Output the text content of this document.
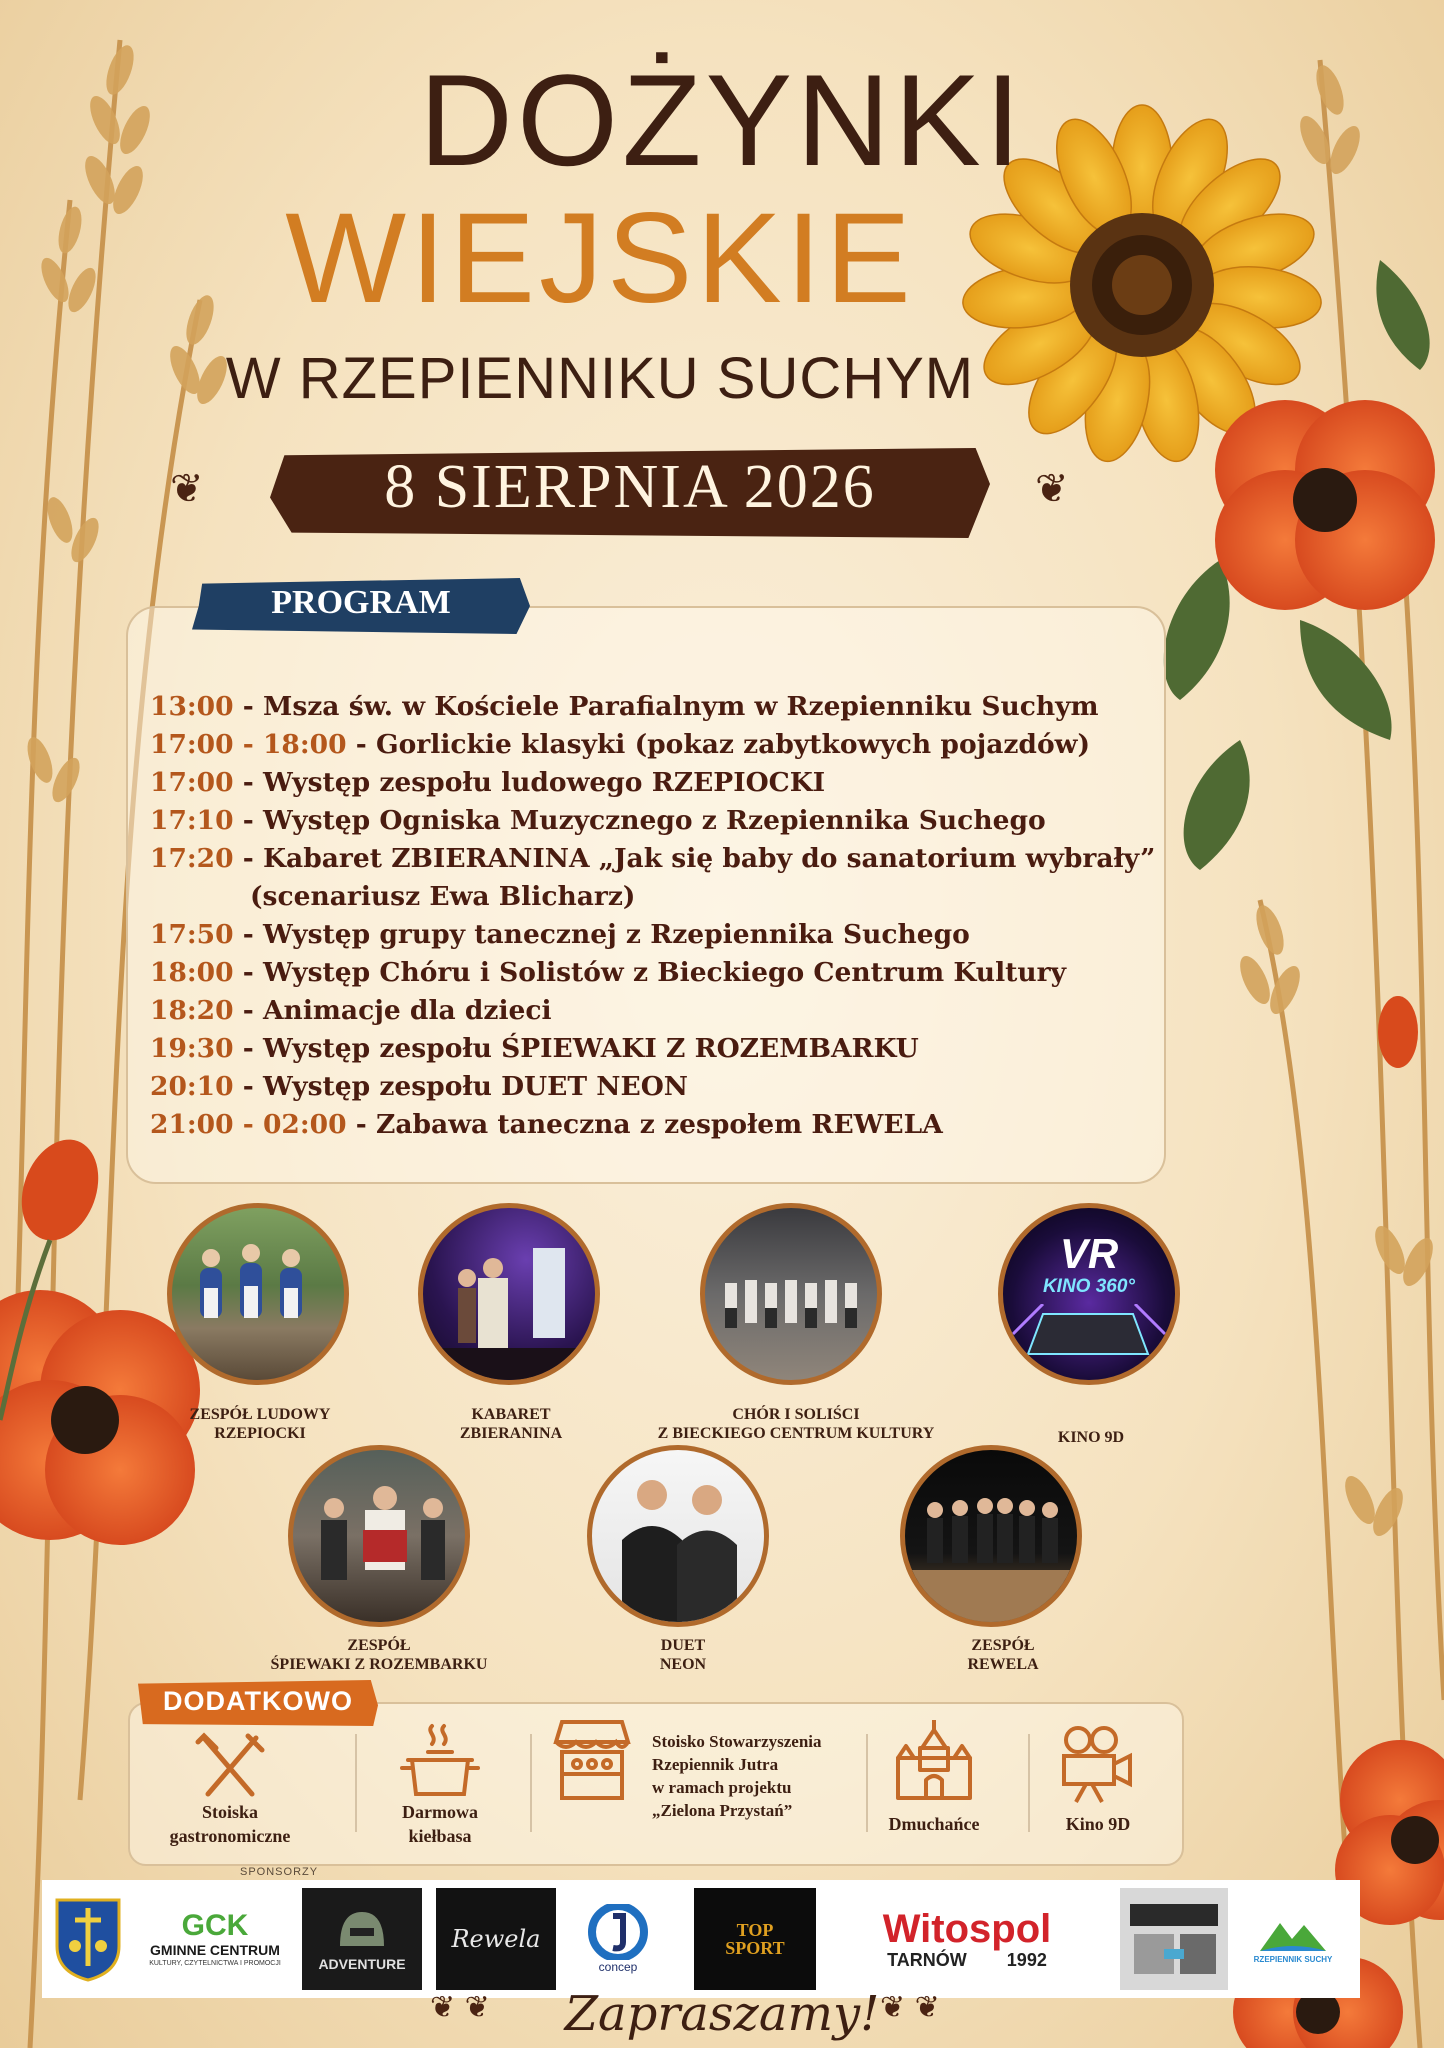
DOŻYNKI
WIEJSKIE
W RZEPIENNIKU SUCHYM
❦	8 SIERPNIA 2026	❦
PROGRAM
13:00 - Msza św. w Kościele Parafialnym w Rzepienniku Suchym
17:00 - 18:00 - Gorlickie klasyki (pokaz zabytkowych pojazdów)
17:00 - Występ zespołu ludowego RZEPIOCKI
17:10 - Występ Ogniska Muzycznego z Rzepiennika Suchego
17:20 - Kabaret ZBIERANINA „Jak się baby do sanatorium wybrały”
(scenariusz Ewa Blicharz)
17:50 - Występ grupy tanecznej z Rzepiennika Suchego
18:00 - Występ Chóru i Solistów z Bieckiego Centrum Kultury
18:20 - Animacje dla dzieci
19:30 - Występ zespołu ŚPIEWAKI Z ROZEMBARKU
20:10 - Występ zespołu DUET NEON
21:00 - 02:00 - Zabawa taneczna z zespołem REWELA
VR
KINO 360°
ZESPÓŁ LUDOWY
RZEPIOCKI
KABARET
ZBIERANINA
CHÓR I SOLIŚCI
Z BIECKIEGO CENTRUM KULTURY	KINO 9D
ZESPÓŁ
ŚPIEWAKI Z ROZEMBARKU
DUET
NEON
ZESPÓŁ
REWELA
DODATKOWO
Stoiska
gastronomiczne
Darmowa
kiełbasa
Stoisko Stowarzyszenia
Rzepiennik Jutra
w ramach projektu
„Zielona Przystań”
Dmuchańce	Kino 9D
SPONSORZY
GCK
GMINNE CENTRUM
KULTURY, CZYTELNICTWA I PROMOCJI	ADVENTURE
Rewela
concep
TOP
SPORT Witospol
TARNÓW 1992	RZEPIENNIK SUCHY
❦ ❦	Zapraszamy! ❦ ❦
